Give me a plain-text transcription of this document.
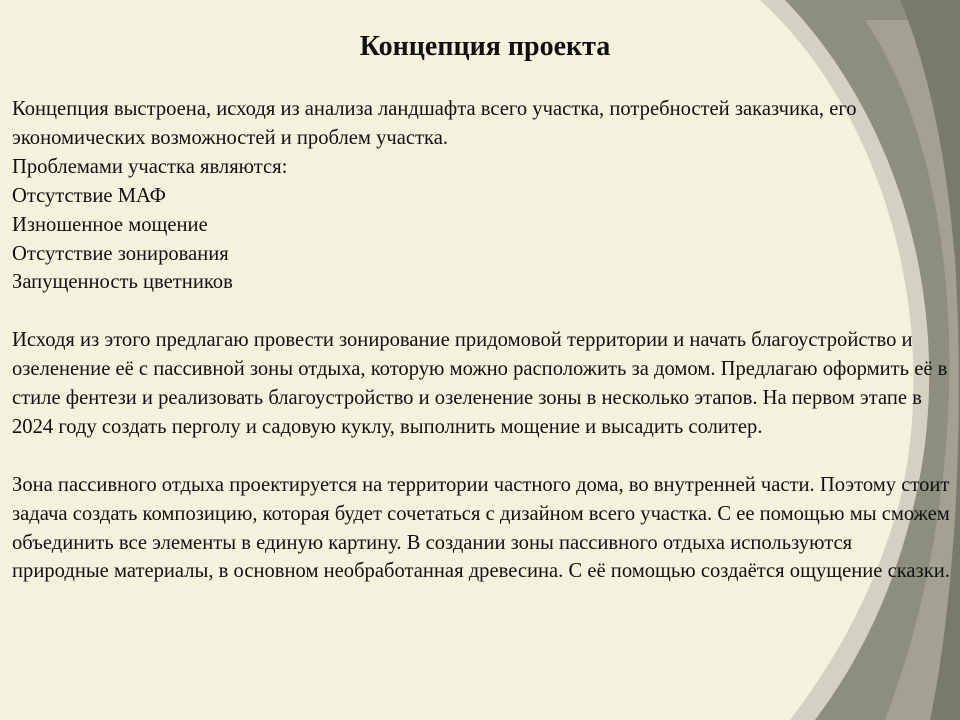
Концепция проекта

Концепция выстроена, исходя из анализа ландшафта всего участка, потребностей заказчика, его экономических возможностей и проблем участка.

Проблемами участка являются:

Отсутствие МАФ

Изношенное мощение

Отсутствие зонирования

Запущенность цветников

Исходя из этого предлагаю провести зонирование придомовой территории и начать благоустройство и озеленение её с пассивной зоны отдыха, которую можно расположить за домом. Предлагаю оформить её в стиле фентези и реализовать благоустройство и озеленение зоны в несколько этапов. На первом этапе в 2024 году создать перголу и садовую куклу, выполнить мощение и высадить солитер.

Зона пассивного отдыха проектируется на территории частного дома, во внутренней части. Поэтому стоит задача создать композицию, которая будет сочетаться с дизайном всего участка. С ее помощью мы сможем объединить все элементы в единую картину. В создании зоны пассивного отдыха используются природные материалы, в основном необработанная древесина. С её помощью создаётся ощущение сказки.
